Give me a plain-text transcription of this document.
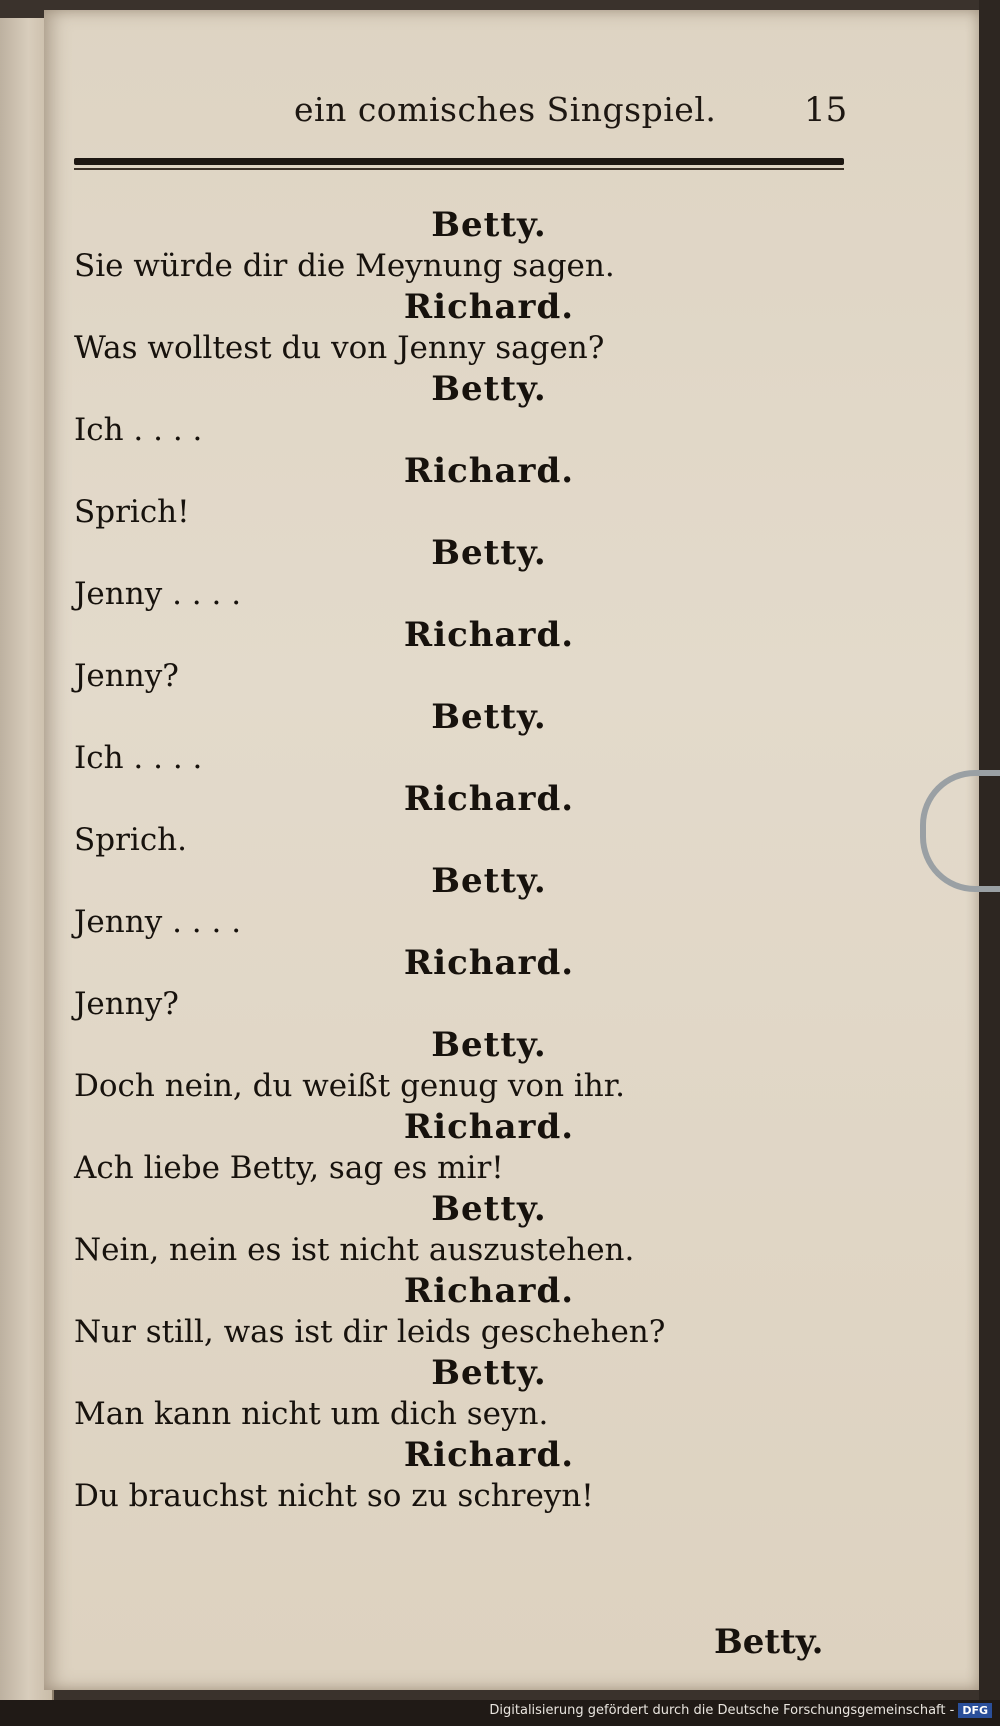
ein comisches Singspiel.	15
Betty.
Sie würde dir die Meynung sagen.
Richard.
Was wolltest du von Jenny sagen?
Betty.
Ich . . . .
Richard.
Sprich!
Betty.
Jenny . . . .
Richard.
Jenny?
Betty.
Ich . . . .
Richard.
Sprich.
Betty.
Jenny . . . .
Richard.
Jenny?
Betty.
Doch nein, du weißt genug von ihr.
Richard.
Ach liebe Betty, sag es mir!
Betty.
Nein, nein es ist nicht auszustehen.
Richard.
Nur still, was ist dir leids geschehen?
Betty.
Man kann nicht um dich seyn.
Richard.
Du brauchst nicht so zu schreyn!
Betty.
Digitalisierung gefördert durch die Deutsche Forschungsgemeinschaft - DFG
